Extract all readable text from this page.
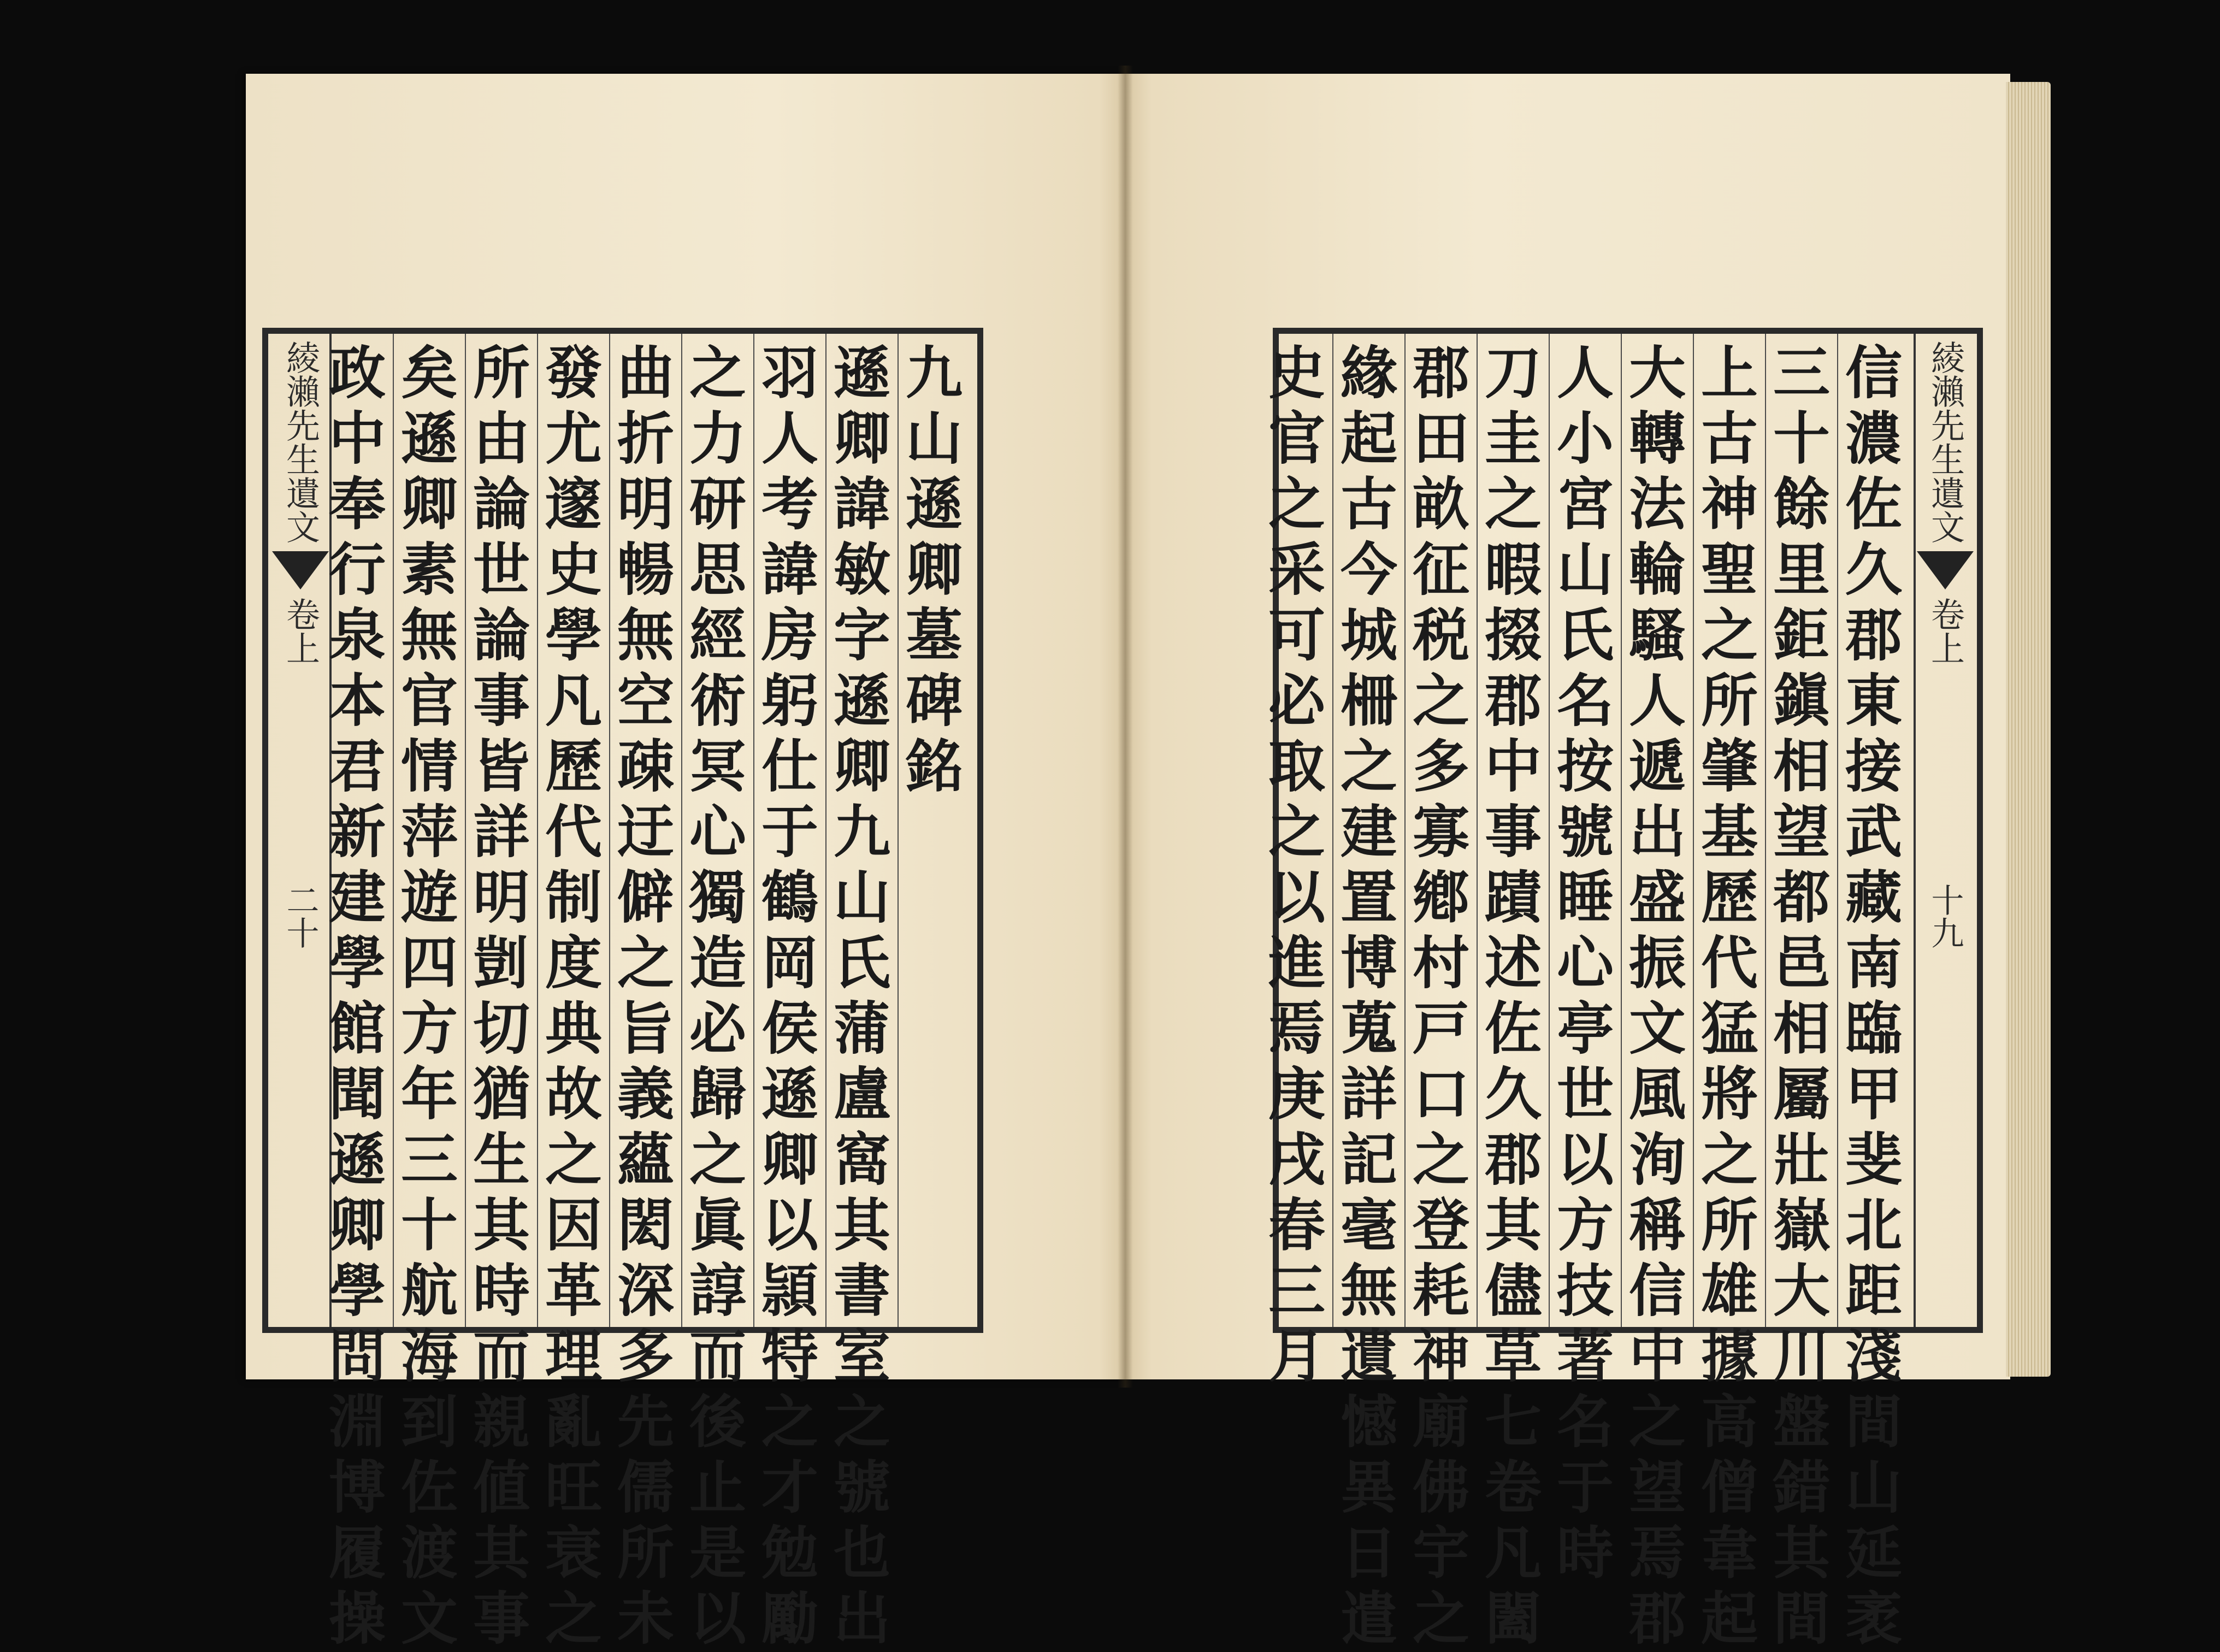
綾瀨先生遺文
卷上
二十
九
山
遜
卿
墓
碑
銘
遜
卿
諱
敏
字
遜
卿
九
山
氏
蒲
盧
窩
其
書
室
之
號
也
出
羽
人
考
諱
房
躬
仕
于
鶴
岡
侯
遜
卿
以
頴
特
之
才
勉
勵
之
力
研
思
經
術
冥
心
獨
造
必
歸
之
眞
諄
而
後
止
是
以
曲
折
明
暢
無
空
疎
迂
僻
之
旨
義
蘊
閎
深
多
先
儒
所
未
發
尤
邃
史
學
凡
歷
代
制
度
典
故
之
因
革
理
亂
旺
衰
之
所
由
論
世
論
事
皆
詳
明
剴
切
猶
生
其
時
而
親
値
其
事
矣
遜
卿
素
無
官
情
萍
遊
四
方
年
三
十
航
海
到
佐
渡
文
政
中
奉
行
泉
本
君
新
建
學
館
聞
遜
卿
學
問
淵
博
履
操
綾瀨先生遺文
卷上
十九
信
濃
佐
久
郡
東
接
武
藏
南
臨
甲
斐
北
距
淺
間
山
延
袤
三
十
餘
里
鉅
鎭
相
望
都
邑
相
屬
壯
嶽
大
川
盤
錯
其
間
上
古
神
聖
之
所
肇
基
歷
代
猛
將
之
所
雄
據
高
僧
韋
起
大
轉
法
輪
騷
人
遞
出
盛
振
文
風
洵
稱
信
中
之
望
焉
郡
人
小
宮
山
氏
名
按
號
睡
心
亭
世
以
方
技
著
名
于
時
刀
圭
之
暇
掇
郡
中
事
蹟
述
佐
久
郡
其
儘
草
七
卷
凡
闔
郡
田
畝
征
税
之
多
寡
鄕
村
戸
口
之
登
耗
神
廟
佛
宇
之
緣
起
古
今
城
柵
之
建
置
博
蒐
詳
記
毫
無
遺
憾
異
日
遣
史
官
之
采
可
必
取
之
以
進
焉
庚
戌
春
三
月
